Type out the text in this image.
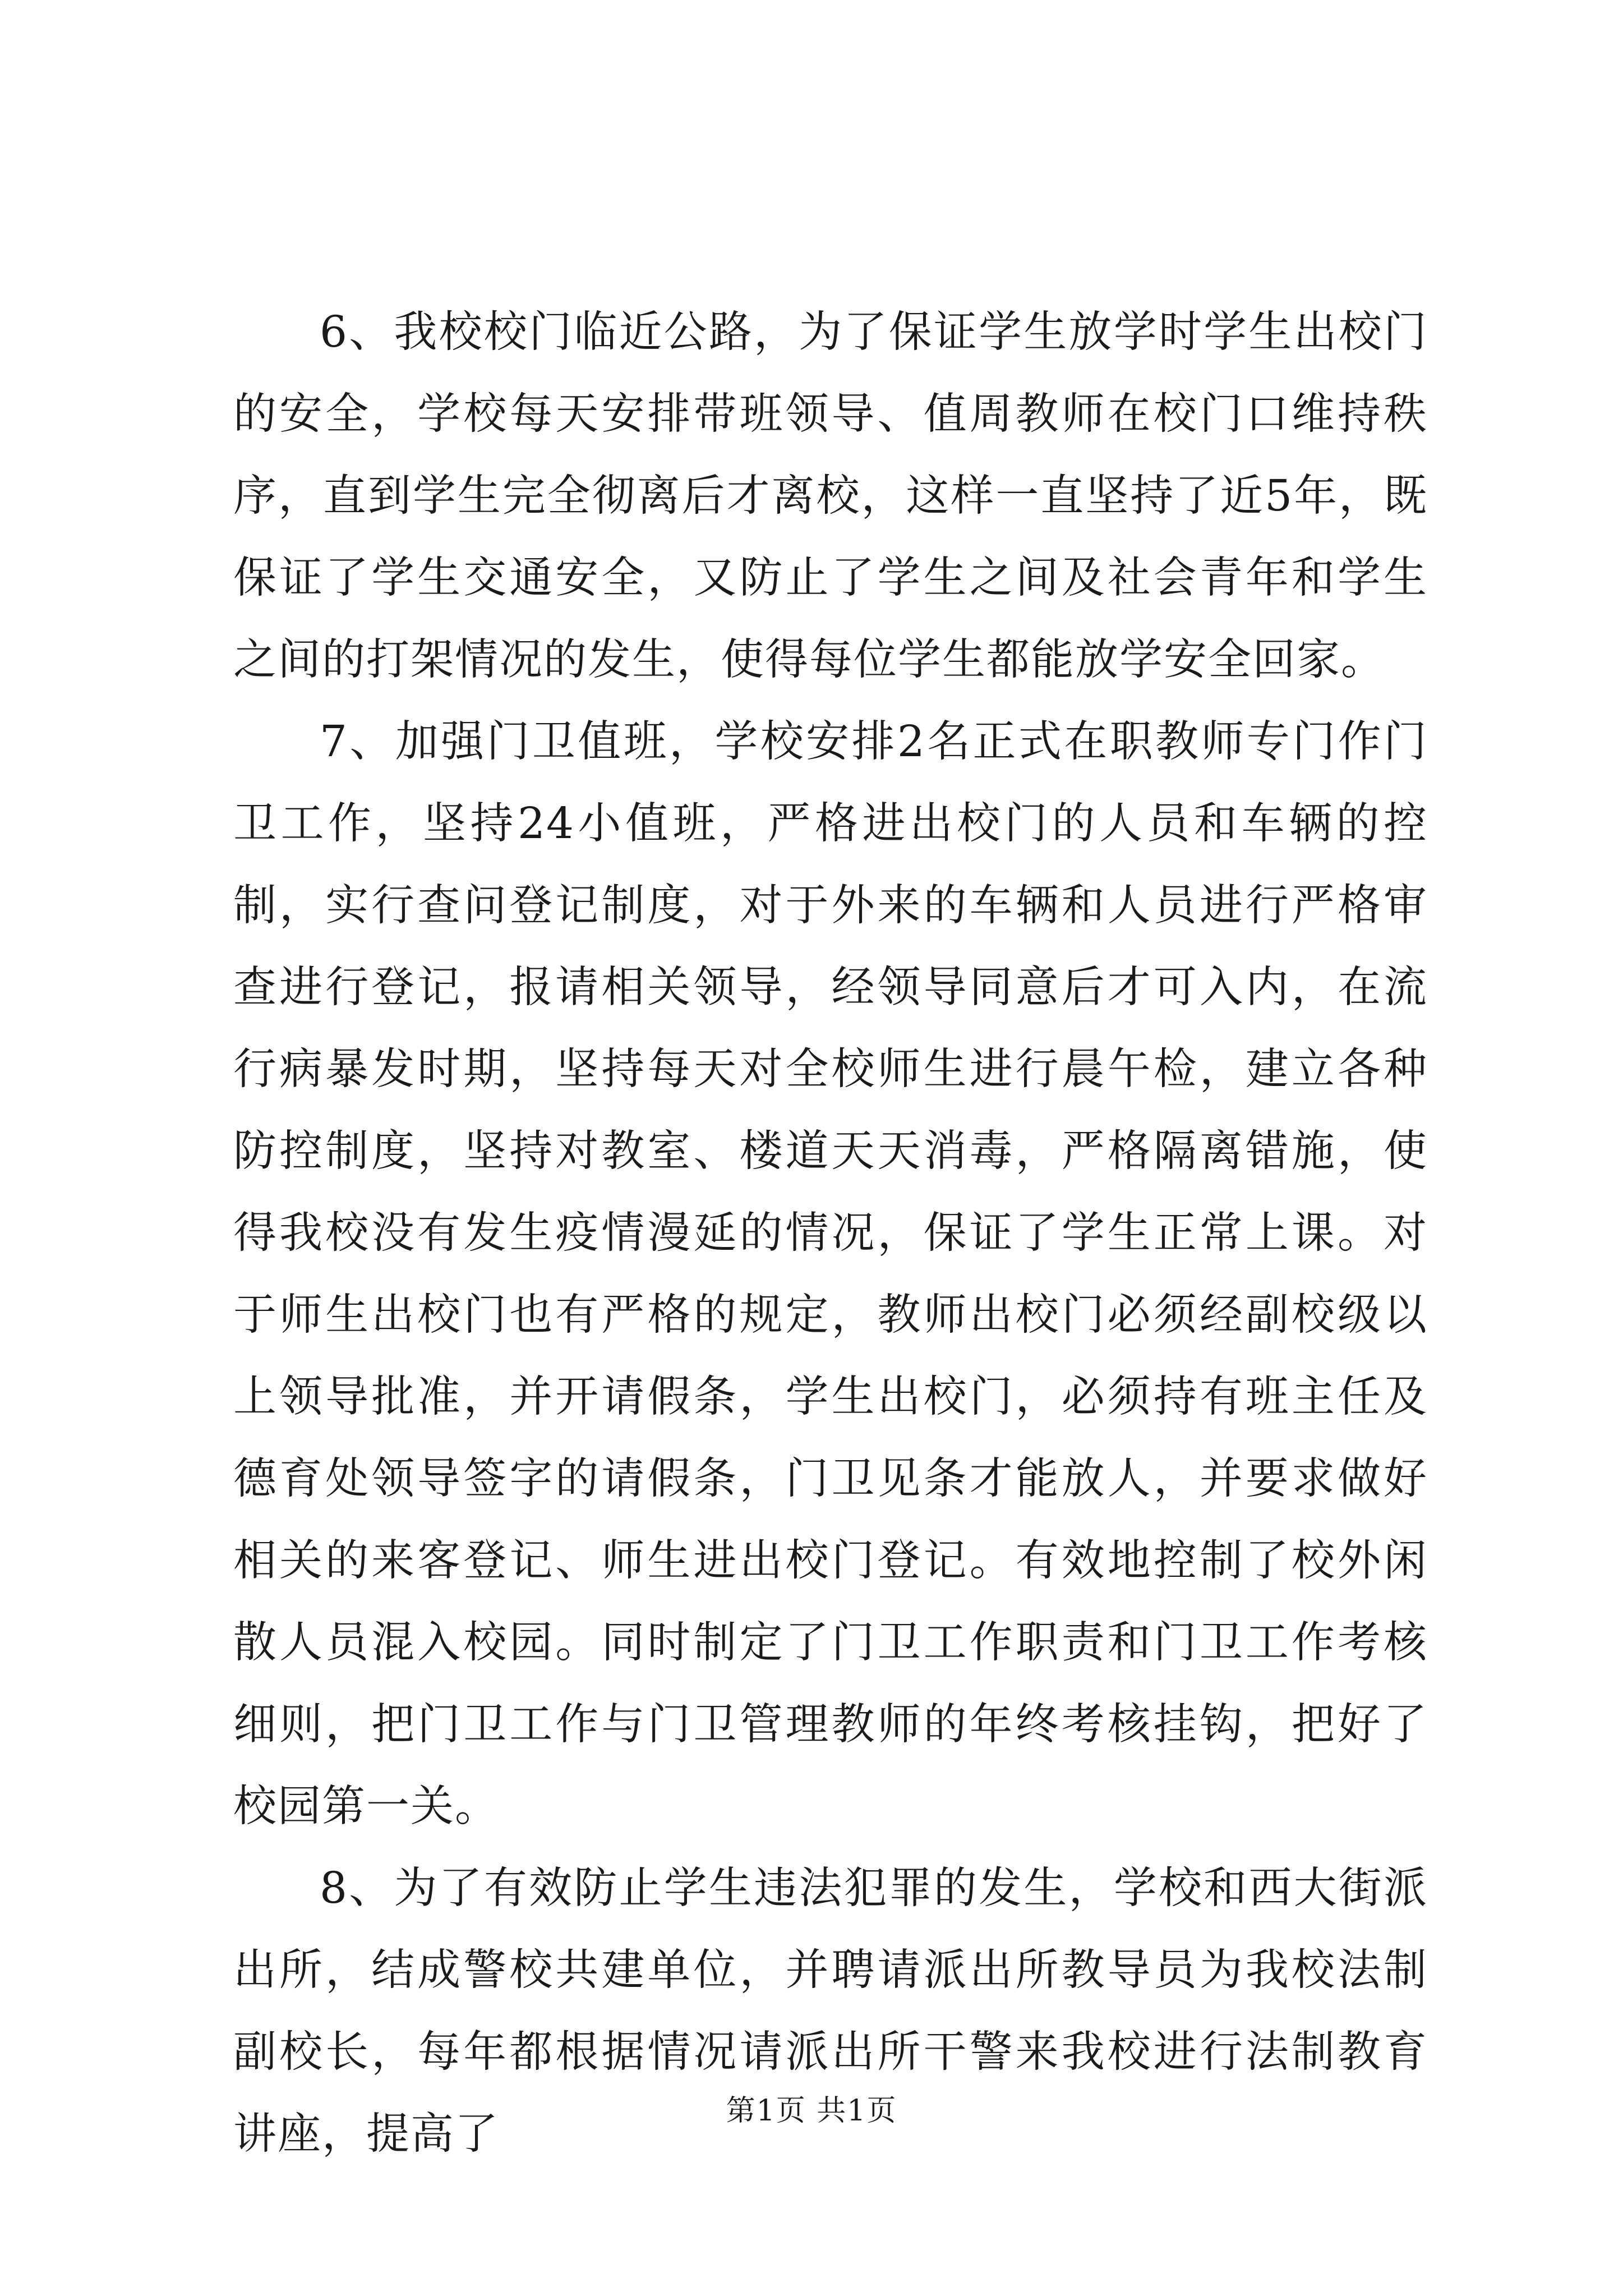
6、我校校门临近公路，为了保证学生放学时学生出校门的安全，学校每天安排带班领导、值周教师在校门口维持秩序，直到学生完全彻离后才离校，这样一直坚持了近5年，既保证了学生交通安全，又防止了学生之间及社会青年和学生之间的打架情况的发生，使得每位学生都能放学安全回家。

7、加强门卫值班，学校安排2名正式在职教师专门作门卫工作，坚持24小值班，严格进出校门的人员和车辆的控制，实行查问登记制度，对于外来的车辆和人员进行严格审查进行登记，报请相关领导，经领导同意后才可入内，在流行病暴发时期，坚持每天对全校师生进行晨午检，建立各种防控制度，坚持对教室、楼道天天消毒，严格隔离错施，使得我校没有发生疫情漫延的情况，保证了学生正常上课。对于师生出校门也有严格的规定，教师出校门必须经副校级以上领导批准，并开请假条，学生出校门，必须持有班主任及德育处领导签字的请假条，门卫见条才能放人，并要求做好相关的来客登记、师生进出校门登记。有效地控制了校外闲散人员混入校园。同时制定了门卫工作职责和门卫工作考核细则，把门卫工作与门卫管理教师的年终考核挂钩，把好了校园第一关。

8、为了有效防止学生违法犯罪的发生，学校和西大街派出所，结成警校共建单位，并聘请派出所教导员为我校法制副校长，每年都根据情况请派出所干警来我校进行法制教育讲座，提高了	第1页 共1页
